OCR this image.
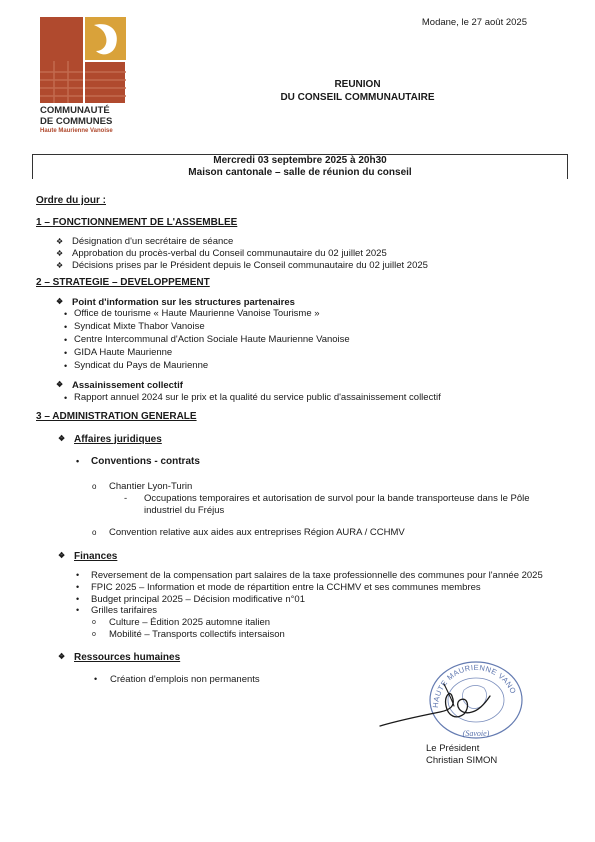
COMMUNAUTÉ
DE COMMUNES
Haute Maurienne Vanoise
Modane, le 27 août 2025
REUNION
DU CONSEIL COMMUNAUTAIRE
Mercredi 03 septembre 2025 à 20h30
Maison cantonale – salle de réunion du conseil
Ordre du jour :
1 – FONCTIONNEMENT DE L'ASSEMBLEE
❖ Désignation d'un secrétaire de séance
❖ Approbation du procès-verbal du Conseil communautaire du 02 juillet 2025
❖ Décisions prises par le Président depuis le Conseil communautaire du 02 juillet 2025
2 – STRATEGIE – DEVELOPPEMENT
❖ Point d'information sur les structures partenaires
• Office de tourisme « Haute Maurienne Vanoise Tourisme »
• Syndicat Mixte Thabor Vanoise
• Centre Intercommunal d'Action Sociale Haute Maurienne Vanoise
• GIDA Haute Maurienne
• Syndicat du Pays de Maurienne
❖ Assainissement collectif
• Rapport annuel 2024 sur le prix et la qualité du service public d'assainissement collectif
3 – ADMINISTRATION GENERALE
❖ Affaires juridiques
• Conventions - contrats
o Chantier Lyon-Turin
- Occupations temporaires et autorisation de survol pour la bande transporteuse dans le Pôle industriel du Fréjus
o Convention relative aux aides aux entreprises Région AURA / CCHMV
❖ Finances
• Reversement de la compensation part salaires de la taxe professionnelle des communes pour l'année 2025
• FPIC 2025 – Information et mode de répartition entre la CCHMV et ses communes membres
• Budget principal 2025 – Décision modificative n°01
• Grilles tarifaires
o Culture – Édition 2025 automne italien
o Mobilité – Transports collectifs intersaison
❖ Ressources humaines
• Création d'emplois non permanents
HAUTE MAURIENNE VANO
(Savoie)
Le Président
Christian SIMON
